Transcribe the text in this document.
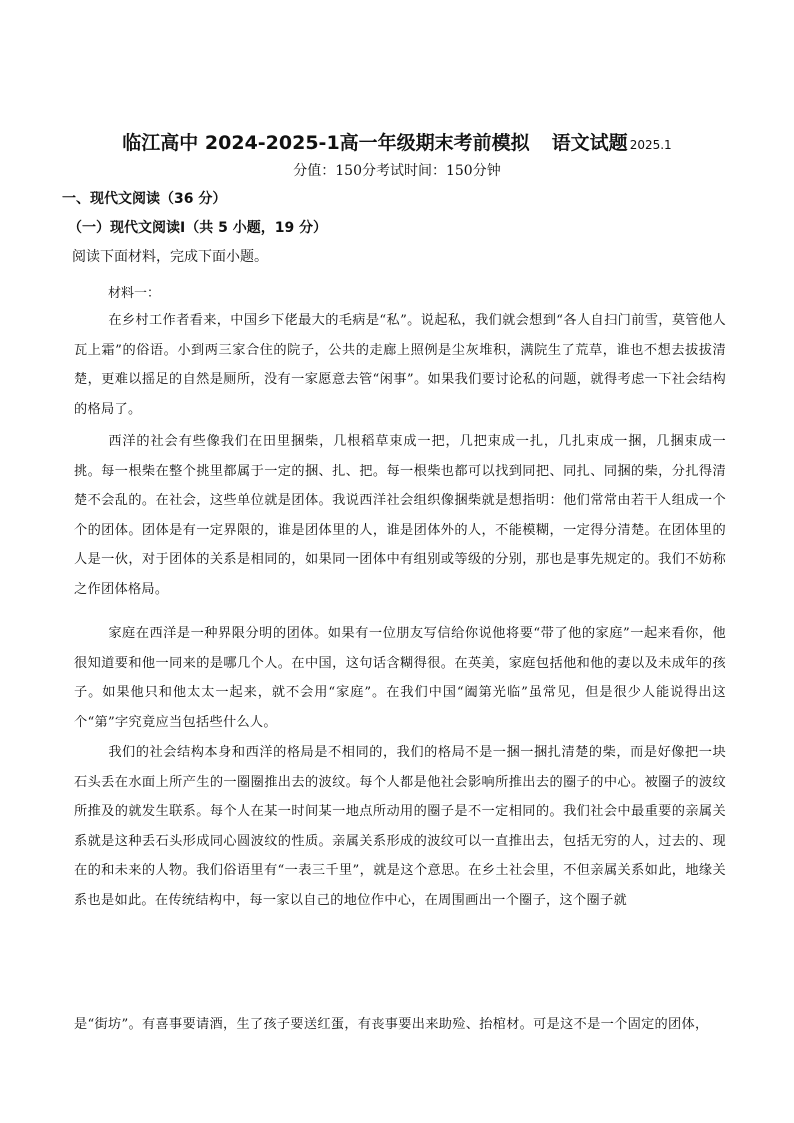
临江高中 2024-2025-1高一年级期末考前模拟 语文试题 2025.1
分值：150分考试时间：150分钟
一、现代文阅读（36 分）
（一）现代文阅读Ⅰ（共 5 小题，19 分）
阅读下面材料，完成下面小题。
材料一：

在乡村工作者看来，中国乡下佬最大的毛病是“私”。说起私，我们就会想到“各人自扫门前雪，莫管他人瓦上霜”的俗语。小到两三家合住的院子，公共的走廊上照例是尘灰堆积，满院生了荒草，谁也不想去拔拔清楚，更难以摇足的自然是厕所，没有一家愿意去管“闲事”。如果我们要讨论私的问题，就得考虑一下社会结构的格局了。

西洋的社会有些像我们在田里捆柴，几根稻草束成一把，几把束成一扎，几扎束成一捆，几捆束成一挑。每一根柴在整个挑里都属于一定的捆、扎、把。每一根柴也都可以找到同把、同扎、同捆的柴，分扎得清楚不会乱的。在社会，这些单位就是团体。我说西洋社会组织像捆柴就是想指明：他们常常由若干人组成一个个的团体。团体是有一定界限的，谁是团体里的人，谁是团体外的人，不能模糊，一定得分清楚。在团体里的人是一伙，对于团体的关系是相同的，如果同一团体中有组别或等级的分别，那也是事先规定的。我们不妨称之作团体格局。

家庭在西洋是一种界限分明的团体。如果有一位朋友写信给你说他将要“带了他的家庭”一起来看你，他很知道要和他一同来的是哪几个人。在中国，这句话含糊得很。在英美，家庭包括他和他的妻以及未成年的孩子。如果他只和他太太一起来，就不会用“家庭”。在我们中国“阖第光临”虽常见，但是很少人能说得出这个“第”字究竟应当包括些什么人。

我们的社会结构本身和西洋的格局是不相同的，我们的格局不是一捆一捆扎清楚的柴，而是好像把一块石头丢在水面上所产生的一圈圈推出去的波纹。每个人都是他社会影响所推出去的圈子的中心。被圈子的波纹所推及的就发生联系。每个人在某一时间某一地点所动用的圈子是不一定相同的。我们社会中最重要的亲属关系就是这种丢石头形成同心圆波纹的性质。亲属关系形成的波纹可以一直推出去，包括无穷的人，过去的、现在的和未来的人物。我们俗语里有“一表三千里”，就是这个意思。在乡土社会里，不但亲属关系如此，地缘关系也是如此。在传统结构中，每一家以自己的地位作中心，在周围画出一个圈子，这个圈子就

是“街坊”。有喜事要请酒，生了孩子要送红蛋，有丧事要出来助殓、抬棺材。可是这不是一个固定的团体，
